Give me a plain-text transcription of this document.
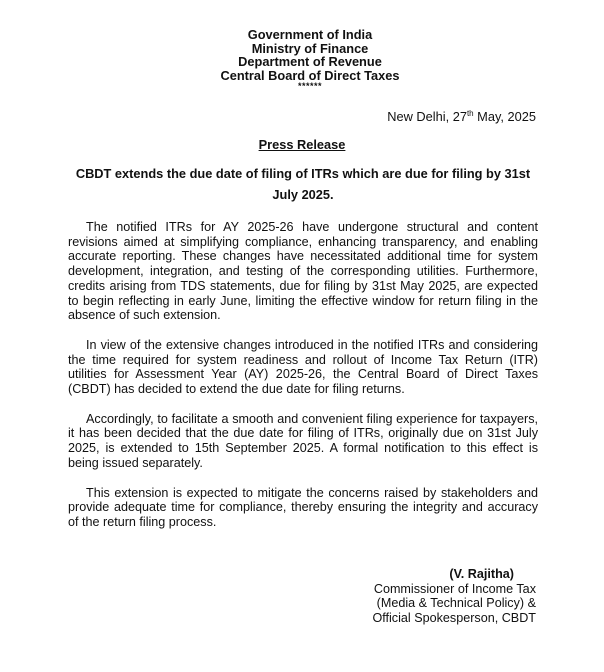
Government of India
Ministry of Finance
Department of Revenue
Central Board of Direct Taxes
******
New Delhi, 27th May, 2025
Press Release
CBDT extends the due date of filing of ITRs which are due for filing by 31st July 2025.

The notified ITRs for AY 2025-26 have undergone structural and content revisions aimed at simplifying compliance, enhancing transparency, and enabling accurate reporting. These changes have necessitated additional time for system development, integration, and testing of the corresponding utilities. Furthermore, credits arising from TDS statements, due for filing by 31st May 2025, are expected to begin reflecting in early June, limiting the effective window for return filing in the absence of such extension.

In view of the extensive changes introduced in the notified ITRs and considering the time required for system readiness and rollout of Income Tax Return (ITR) utilities for Assessment Year (AY) 2025-26, the Central Board of Direct Taxes (CBDT) has decided to extend the due date for filing returns.

Accordingly, to facilitate a smooth and convenient filing experience for taxpayers, it has been decided that the due date for filing of ITRs, originally due on 31st July 2025, is extended to 15th September 2025. A formal notification to this effect is being issued separately.

This extension is expected to mitigate the concerns raised by stakeholders and provide adequate time for compliance, thereby ensuring the integrity and accuracy of the return filing process.

(V. Rajitha)
Commissioner of Income Tax
(Media & Technical Policy) &
Official Spokesperson, CBDT
